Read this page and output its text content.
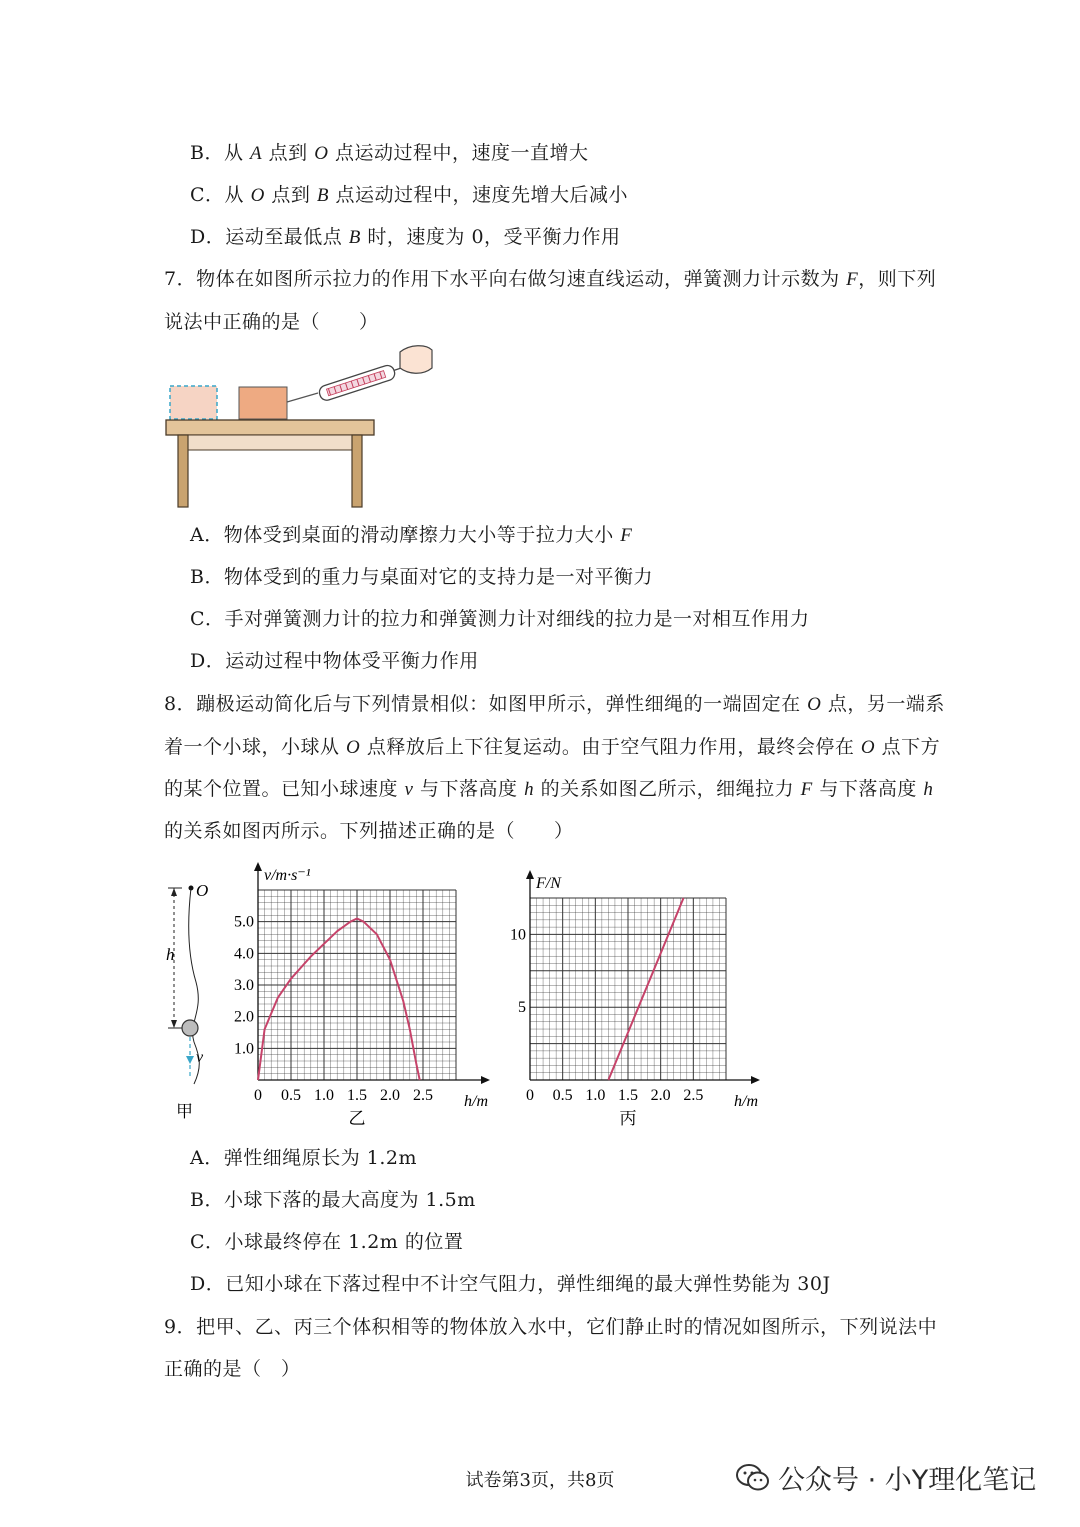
B．从 A 点到 O 点运动过程中，速度一直增大
C．从 O 点到 B 点运动过程中，速度先增大后减小
D．运动至最低点 B 时，速度为 0，受平衡力作用
7．物体在如图所示拉力的作用下水平向右做匀速直线运动，弹簧测力计示数为 F，则下列
说法中正确的是（　　）
A．物体受到桌面的滑动摩擦力大小等于拉力大小 F
B．物体受到的重力与桌面对它的支持力是一对平衡力
C．手对弹簧测力计的拉力和弹簧测力计对细线的拉力是一对相互作用力
D．运动过程中物体受平衡力作用
8．蹦极运动简化后与下列情景相似：如图甲所示，弹性细绳的一端固定在 O 点，另一端系
着一个小球，小球从 O 点释放后上下往复运动。由于空气阻力作用，最终会停在 O 点下方
的某个位置。已知小球速度 v 与下落高度 h 的关系如图乙所示，细绳拉力 F 与下落高度 h
的关系如图丙所示。下列描述正确的是（　　）
O
h
v
甲
0 0.5 1.0 1.5 2.0 2.5
1.0
2.0
3.0
4.0
5.0
v/m·s⁻¹
h/m
乙
0 0.5 1.0 1.5 2.0 2.5
5
10
F/N
h/m
丙
A．弹性细绳原长为 1.2m
B．小球下落的最大高度为 1.5m
C．小球最终停在 1.2m 的位置
D．已知小球在下落过程中不计空气阻力，弹性细绳的最大弹性势能为 30J
9．把甲、乙、丙三个体积相等的物体放入水中，它们静止时的情况如图所示，下列说法中
正确的是（　）
试卷第3页，共8页	公众号 · 小Y理化笔记
